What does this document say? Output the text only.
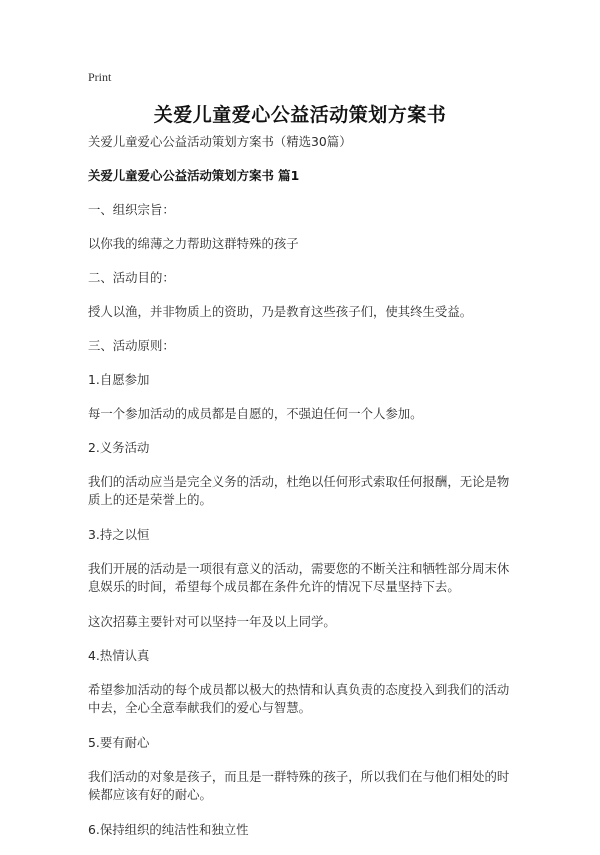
Print
关爱儿童爱心公益活动策划方案书

关爱儿童爱心公益活动策划方案书（精选30篇）

关爱儿童爱心公益活动策划方案书 篇1

一、组织宗旨：

以你我的绵薄之力帮助这群特殊的孩子

二、活动目的：

授人以渔，并非物质上的资助，乃是教育这些孩子们，使其终生受益。

三、活动原则：

1.自愿参加

每一个参加活动的成员都是自愿的，不强迫任何一个人参加。

2.义务活动

我们的活动应当是完全义务的活动，杜绝以任何形式索取任何报酬，无论是物质上的还是荣誉上的。

3.持之以恒

我们开展的活动是一项很有意义的活动，需要您的不断关注和牺牲部分周末休息娱乐的时间，希望每个成员都在条件允许的情况下尽量坚持下去。

这次招募主要针对可以坚持一年及以上同学。

4.热情认真

希望参加活动的每个成员都以极大的热情和认真负责的态度投入到我们的活动中去，全心全意奉献我们的爱心与智慧。

5.要有耐心

我们活动的对象是孩子，而且是一群特殊的孩子，所以我们在与他们相处的时候都应该有好的耐心。

6.保持组织的纯洁性和独立性
